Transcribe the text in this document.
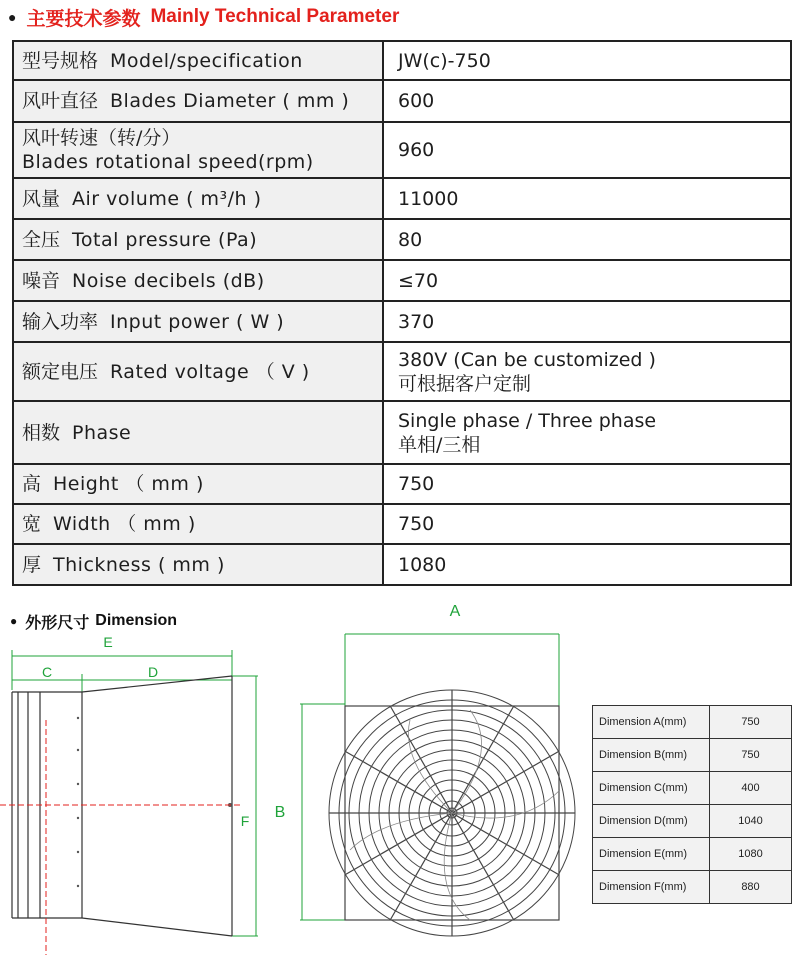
● 主要技术参数 Mainly Technical Parameter
型号规格 Model/specification	JW(c)-750

风叶直径 Blades Diameter ( mm )	600

风叶转速（转/分）
Blades rotational speed(rpm)	960

风量 Air volume ( m³/h )	11000

全压 Total pressure (Pa)	80

噪音 Noise decibels (dB)	≤70

输入功率 Input power ( W )	370

额定电压 Rated voltage （ V )	380V (Can be customized )
可根据客户定制

相数 Phase	Single phase / Three phase
单相/三相

高 Height （ mm )	750

宽 Width （ mm )	750

厚 Thickness ( mm )	1080
● 外形尺寸 Dimension
C	D
E
F B
A
Dimension A(mm)	750
Dimension B(mm)	750
Dimension C(mm)	400
Dimension D(mm)	1040
Dimension E(mm)	1080
Dimension F(mm)	880
